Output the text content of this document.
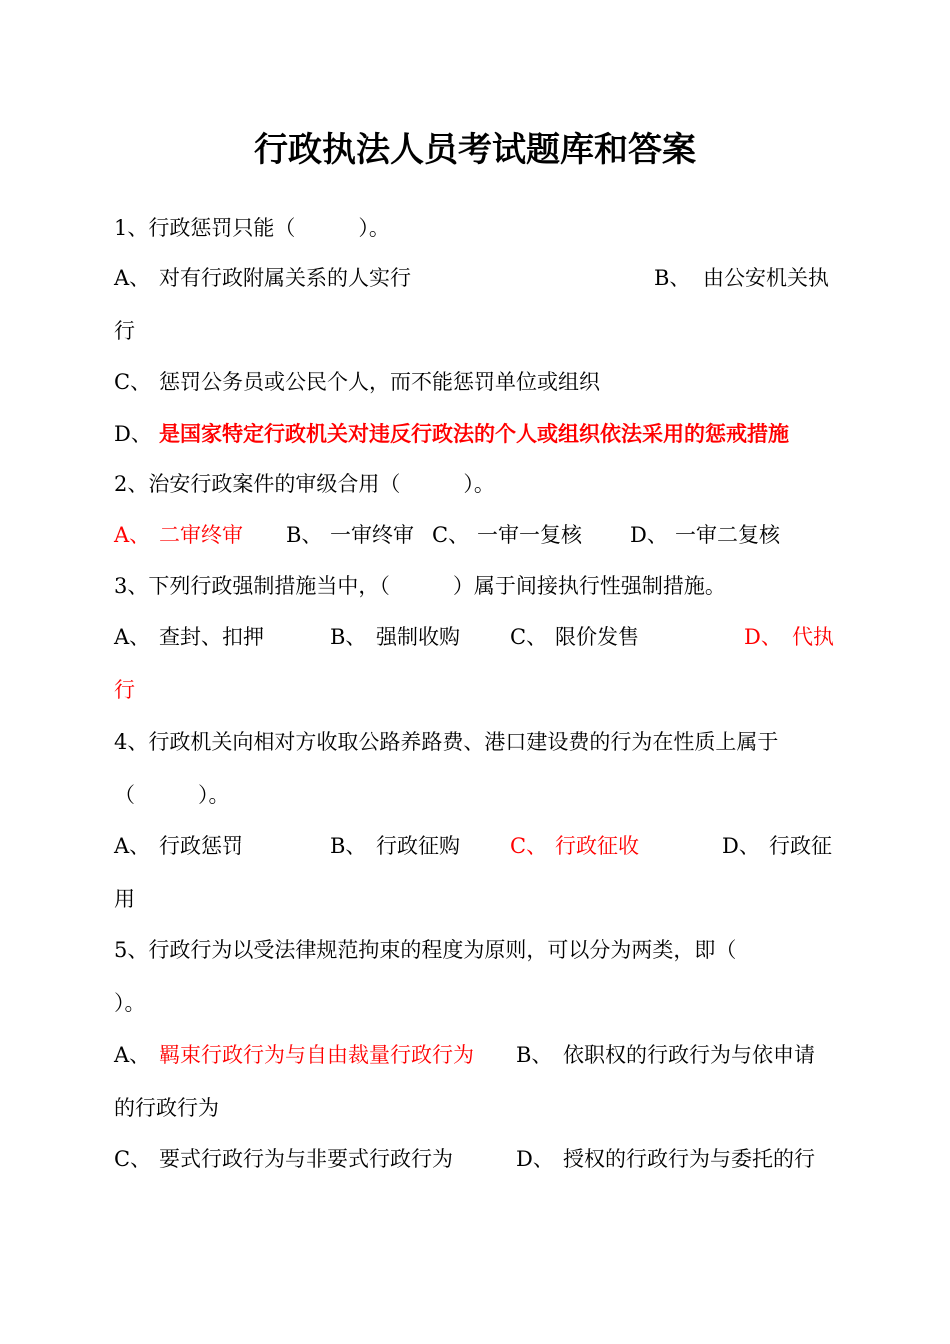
行政执法人员考试题库和答案
1、行政惩罚只能（　　　）。
A、 对有行政附属关系的人实行	B、 由公安机关执
行
C、 惩罚公务员或公民个人，而不能惩罚单位或组织
D、 是国家特定行政机关对违反行政法的个人或组织依法采用的惩戒措施
2、治安行政案件的审级合用（　　　）。
A、 二审终审 B、 一审终审 C、 一审一复核 D、 一审二复核
3、下列行政强制措施当中，（　　　）属于间接执行性强制措施。
A、 查封、扣押	B、 强制收购 C、 限价发售	D、 代执
行
4、行政机关向相对方收取公路养路费、港口建设费的行为在性质上属于
（　　　）。
A、 行政惩罚	B、 行政征购 C、 行政征收	D、 行政征
用
5、行政行为以受法律规范拘束的程度为原则，可以分为两类，即（
）。
A、 羁束行政行为与自由裁量行政行为 B、 依职权的行政行为与依申请
的行政行为
C、 要式行政行为与非要式行政行为	D、 授权的行政行为与委托的行
